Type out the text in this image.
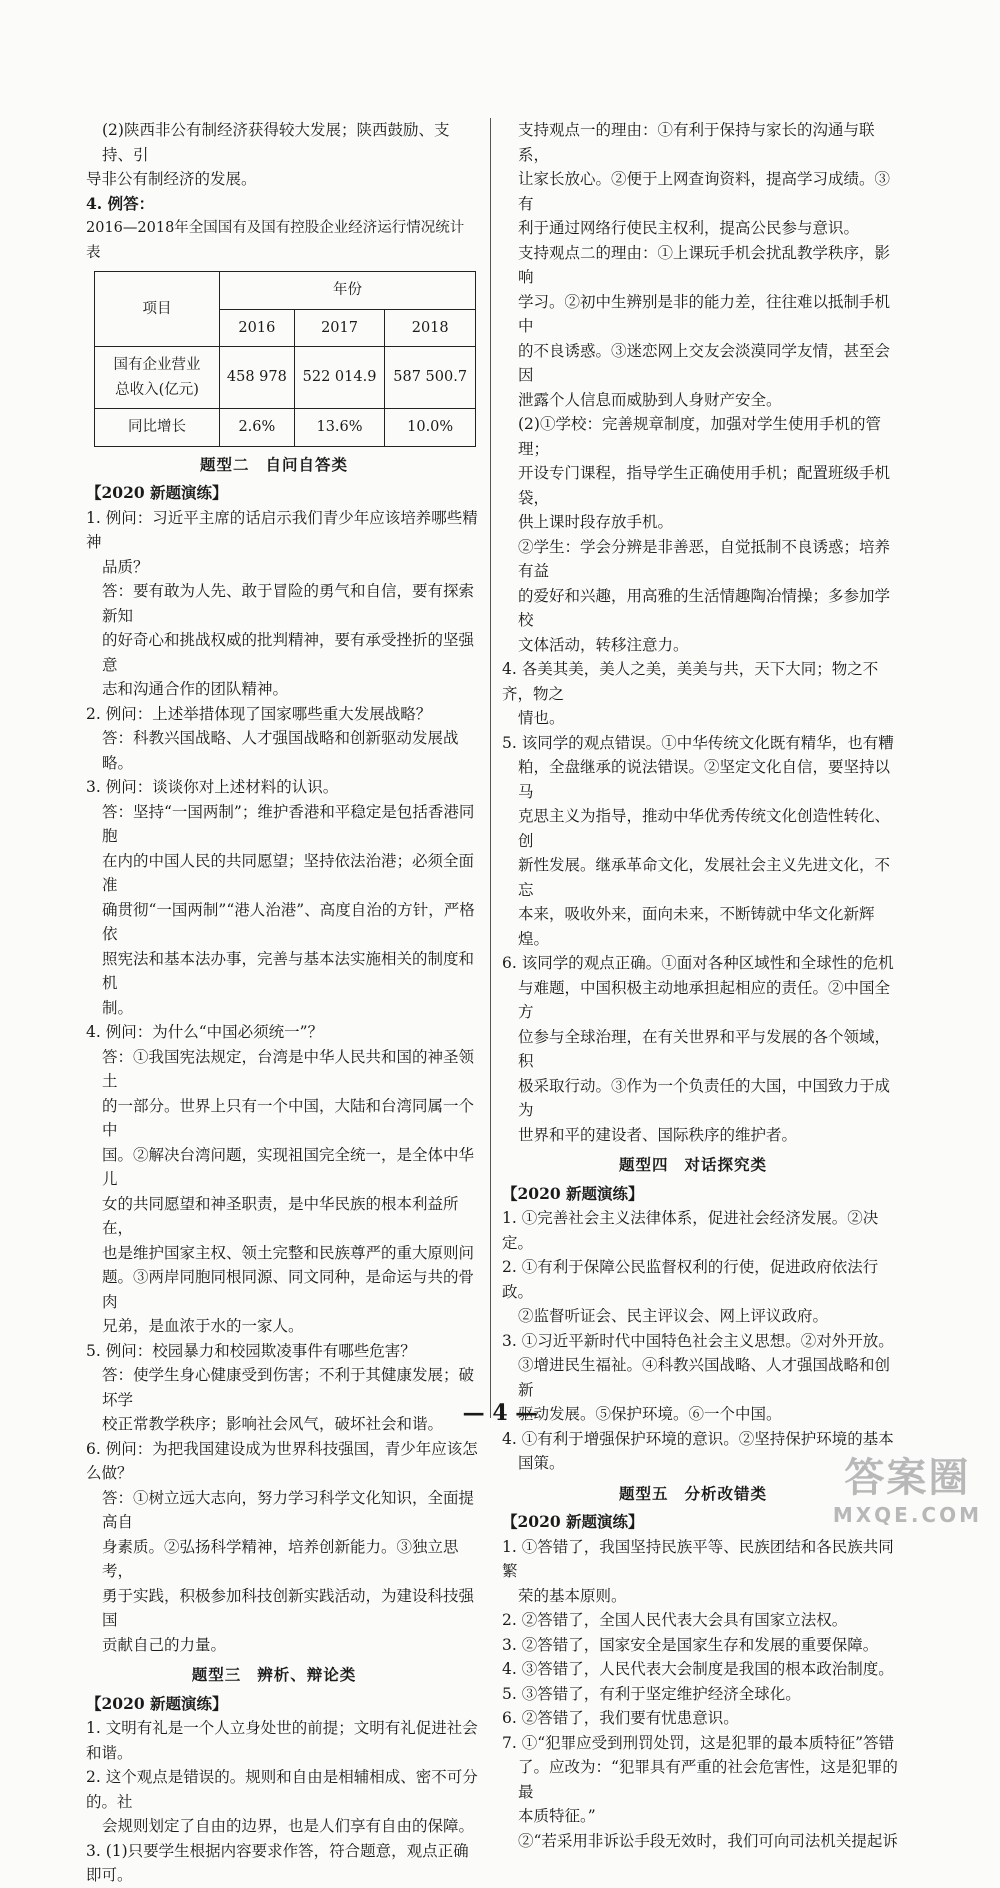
(2)陕西非公有制经济获得较大发展；陕西鼓励、支持、引

导非公有制经济的发展。

4. 例答：

2016—2018年全国国有及国有控股企业经济运行情况统计表

项目	年份		
	2016	2017	2018

国有企业营业
总收入(亿元)	458 978	522 014.9	587 500.7
同比增长	2.6%	13.6%	10.0%
题型二 自问自答类

【2020 新题演练】

1. 例问：习近平主席的话启示我们青少年应该培养哪些精神

品质？

答：要有敢为人先、敢于冒险的勇气和自信，要有探索新知

的好奇心和挑战权威的批判精神，要有承受挫折的坚强意

志和沟通合作的团队精神。

2. 例问：上述举措体现了国家哪些重大发展战略？

答：科教兴国战略、人才强国战略和创新驱动发展战略。

3. 例问：谈谈你对上述材料的认识。

答：坚持“一国两制”；维护香港和平稳定是包括香港同胞

在内的中国人民的共同愿望；坚持依法治港；必须全面准

确贯彻“一国两制”“港人治港”、高度自治的方针，严格依

照宪法和基本法办事，完善与基本法实施相关的制度和机

制。

4. 例问：为什么“中国必须统一”？

答：①我国宪法规定，台湾是中华人民共和国的神圣领土

的一部分。世界上只有一个中国，大陆和台湾同属一个中

国。②解决台湾问题，实现祖国完全统一，是全体中华儿

女的共同愿望和神圣职责，是中华民族的根本利益所在，

也是维护国家主权、领土完整和民族尊严的重大原则问

题。③两岸同胞同根同源、同文同种，是命运与共的骨肉

兄弟，是血浓于水的一家人。

5. 例问：校园暴力和校园欺凌事件有哪些危害？

答：使学生身心健康受到伤害；不利于其健康发展；破坏学

校正常教学秩序；影响社会风气，破坏社会和谐。

6. 例问：为把我国建设成为世界科技强国，青少年应该怎么做？

答：①树立远大志向，努力学习科学文化知识，全面提高自

身素质。②弘扬科学精神，培养创新能力。③独立思考，

勇于实践，积极参加科技创新实践活动，为建设科技强国

贡献自己的力量。

题型三 辨析、辩论类

【2020 新题演练】

1. 文明有礼是一个人立身处世的前提；文明有礼促进社会和谐。

2. 这个观点是错误的。规则和自由是相辅相成、密不可分的。社

会规则划定了自由的边界，也是人们享有自由的保障。

3. (1)只要学生根据内容要求作答，符合题意，观点正确即可。

支持观点一的理由：①有利于保持与家长的沟通与联系，

让家长放心。②便于上网查询资料，提高学习成绩。③有

利于通过网络行使民主权利，提高公民参与意识。

支持观点二的理由：①上课玩手机会扰乱教学秩序，影响

学习。②初中生辨别是非的能力差，往往难以抵制手机中

的不良诱惑。③迷恋网上交友会淡漠同学友情，甚至会因

泄露个人信息而威胁到人身财产安全。

(2)①学校：完善规章制度，加强对学生使用手机的管理；

开设专门课程，指导学生正确使用手机；配置班级手机袋，

供上课时段存放手机。

②学生：学会分辨是非善恶，自觉抵制不良诱惑；培养有益

的爱好和兴趣，用高雅的生活情趣陶冶情操；多参加学校

文体活动，转移注意力。

4. 各美其美，美人之美，美美与共，天下大同；物之不齐，物之

情也。

5. 该同学的观点错误。①中华传统文化既有精华，也有糟

粕，全盘继承的说法错误。②坚定文化自信，要坚持以马

克思主义为指导，推动中华优秀传统文化创造性转化、创

新性发展。继承革命文化，发展社会主义先进文化，不忘

本来，吸收外来，面向未来，不断铸就中华文化新辉煌。

6. 该同学的观点正确。①面对各种区域性和全球性的危机

与难题，中国积极主动地承担起相应的责任。②中国全方

位参与全球治理，在有关世界和平与发展的各个领域，积

极采取行动。③作为一个负责任的大国，中国致力于成为

世界和平的建设者、国际秩序的维护者。

题型四 对话探究类

【2020 新题演练】

1. ①完善社会主义法律体系，促进社会经济发展。②决定。

2. ①有利于保障公民监督权利的行使，促进政府依法行政。

②监督听证会、民主评议会、网上评议政府。

3. ①习近平新时代中国特色社会主义思想。②对外开放。

③增进民生福祉。④科教兴国战略、人才强国战略和创新

驱动发展。⑤保护环境。⑥一个中国。

4. ①有利于增强保护环境的意识。②坚持保护环境的基本

国策。

题型五 分析改错类

【2020 新题演练】

1. ①答错了，我国坚持民族平等、民族团结和各民族共同繁

荣的基本原则。

2. ②答错了，全国人民代表大会具有国家立法权。

3. ②答错了，国家安全是国家生存和发展的重要保障。

4. ③答错了，人民代表大会制度是我国的根本政治制度。

5. ③答错了，有利于坚定维护经济全球化。

6. ②答错了，我们要有忧患意识。

7. ①“犯罪应受到刑罚处罚，这是犯罪的最本质特征”答错

了。应改为：“犯罪具有严重的社会危害性，这是犯罪的最

本质特征。”

②“若采用非诉讼手段无效时，我们可向司法机关提起诉

— 4 —
答案圈
MXQE.COM
